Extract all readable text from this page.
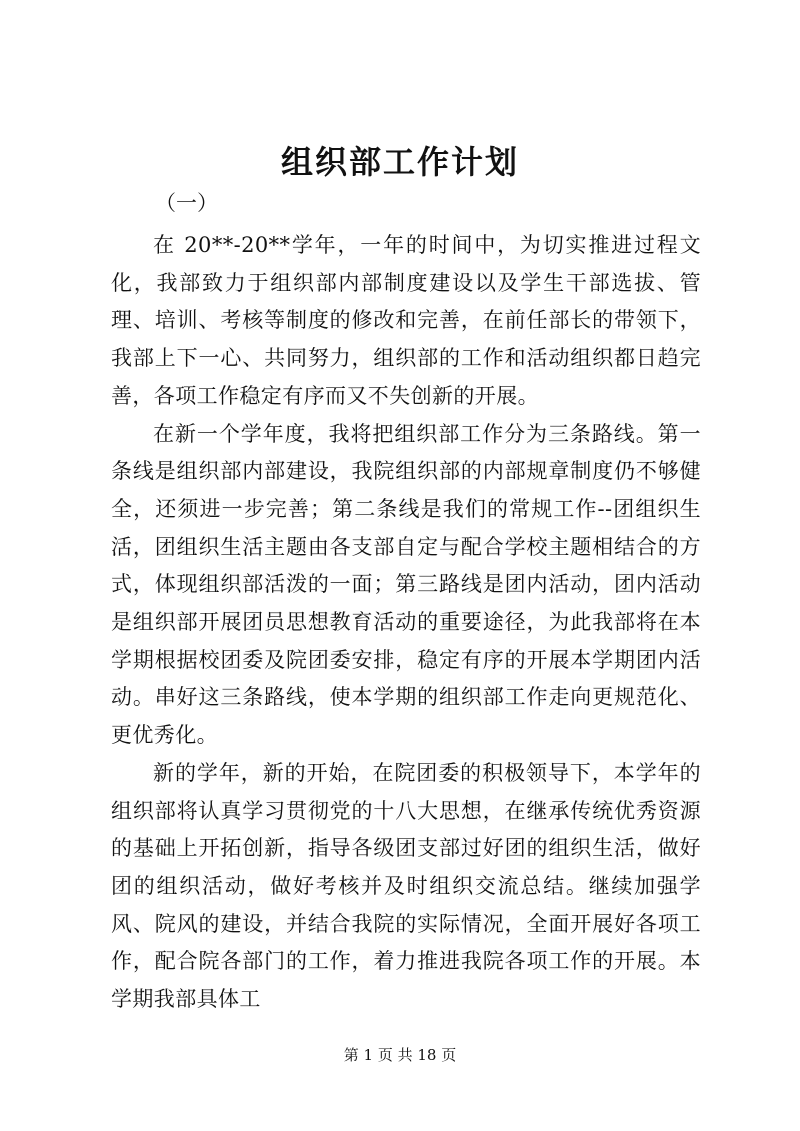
组织部工作计划
（一）

在 20**-20**学年，一年的时间中，为切实推进过程文化，我部致力于组织部内部制度建设以及学生干部选拔、管理、培训、考核等制度的修改和完善，在前任部长的带领下，我部上下一心、共同努力，组织部的工作和活动组织都日趋完善，各项工作稳定有序而又不失创新的开展。

在新一个学年度，我将把组织部工作分为三条路线。第一条线是组织部内部建设，我院组织部的内部规章制度仍不够健全，还须进一步完善；第二条线是我们的常规工作--团组织生活，团组织生活主题由各支部自定与配合学校主题相结合的方式，体现组织部活泼的一面；第三路线是团内活动，团内活动是组织部开展团员思想教育活动的重要途径，为此我部将在本学期根据校团委及院团委安排，稳定有序的开展本学期团内活动。串好这三条路线，使本学期的组织部工作走向更规范化、更优秀化。

新的学年，新的开始，在院团委的积极领导下，本学年的组织部将认真学习贯彻党的十八大思想，在继承传统优秀资源的基础上开拓创新，指导各级团支部过好团的组织生活，做好团的组织活动，做好考核并及时组织交流总结。继续加强学风、院风的建设，并结合我院的实际情况，全面开展好各项工作，配合院各部门的工作，着力推进我院各项工作的开展。本学期我部具体工

第 1 页 共 18 页
